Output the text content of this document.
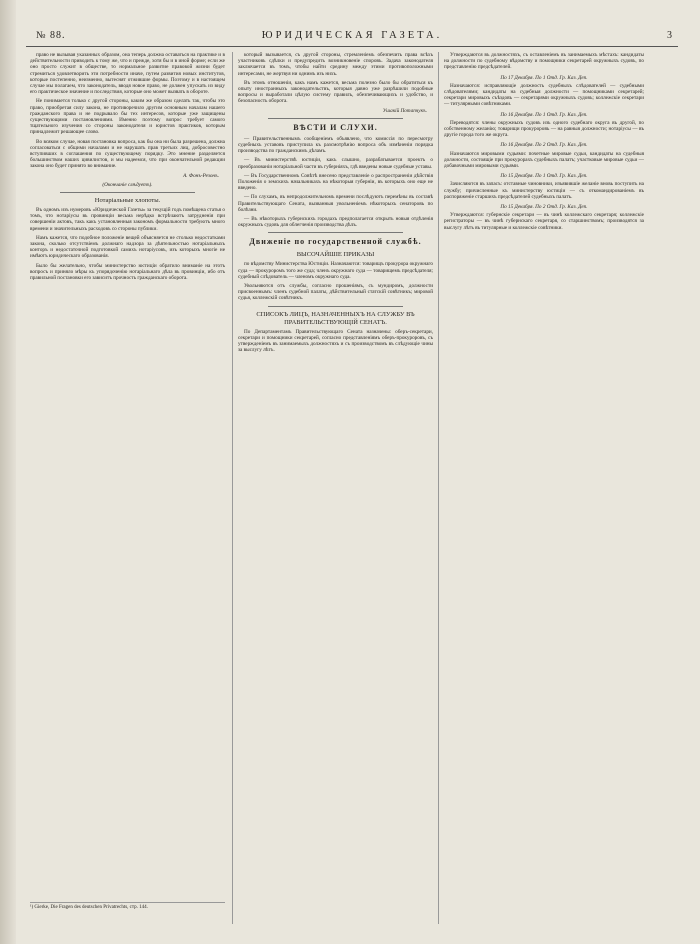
№ 88.	ЮРИДИЧЕСКАЯ ГАЗЕТА.	3

право не вызывая указанных образом, она теперь должна оставаться на практике и в действительности приводить к тому же, что и прежде, хотя бы и в иной форме; если же оно просто служит в обществе, то нормальное развитие правовой жизни будет стремиться удовлетворить эти потребности иначе, путем развития новых институтов, которые постепенно, неизменно, вытеснят отжившие формы. Поэтому и в настоящем случае мы полагаем, что законодатель, вводя новое право, не должен упускать из виду его практическое значение и последствия, которые оно может вызвать в обороте.

Не понимается только с другой стороны, каким же образом сделать так, чтобы это право, приобретая силу закона, не противоречило другим основным началам нашего гражданского права и не подрывало бы тех интересов, которые уже защищены существующими постановлениями. Именно поэтому вопрос требует самого тщательного изучения со стороны законодателя и юристов практиков, которым принадлежит решающее слово.

Во всяком случае, новая постановка вопроса, как бы она ни была разрешена, должна согласоваться с общими началами и не нарушать прав третьих лиц, добросовестно вступивших в соглашения по существующему порядку. Это мнение разделяется большинством наших цивилистов, и мы надеемся, что при окончательной редакции закона оно будет принято во внимание.

А. Фонъ-Резонъ.
(Окончаніе слѣдуетъ).
Нотаріальные хлопоты.

Въ одномъ изъ нумеровъ «Юридической Газеты» за текущій годъ помѣщена статья о томъ, что нотаріусы въ провинціи весьма нерѣдко встрѣчаютъ затрудненія при совершеніи актовъ, такъ какъ установленныя закономъ формальности требуютъ много времени и значительныхъ расходовъ со стороны публики.

Намъ кажется, что подобное положеніе вещей объясняется не столько недостатками закона, сколько отсутствіемъ должнаго надзора за дѣятельностью нотаріальныхъ конторъ и недостаточной подготовкой самихъ нотаріусовъ, изъ которыхъ многіе не имѣютъ юридическаго образованія.

Было бы желательно, чтобы министерство юстиціи обратило вниманіе на этотъ вопросъ и приняло мѣры къ упорядоченію нотаріальнаго дѣла въ провинціи, ибо отъ правильной постановки его зависитъ прочность гражданскаго оборота.

¹) Gierke, Die Fragen des deutschen Privatrechts, стр. 144.

который вызывается, съ другой стороны, стремленіемъ обезпечить права всѣхъ участниковъ сдѣлки и предупредить возникновеніе споровъ. Задача законодателя заключается въ томъ, чтобы найти средину между этими противоположными интересами, не жертвуя ни однимъ изъ нихъ.

Въ этомъ отношеніи, какъ намъ кажется, весьма полезно было бы обратиться къ опыту иностранныхъ законодательствъ, которыя давно уже разрѣшили подобные вопросы и выработали цѣлую систему правилъ, обезпечивающихъ и удобство, и безопасность оборота.

Ушакій Потапчукъ.
ВѢСТИ И СЛУХИ.

— Правительственнымъ сообщеніемъ объявлено, что комиссія по пересмотру судебныхъ уставовъ приступила къ разсмотрѣнію вопроса объ измѣненіи порядка производства по гражданскимъ дѣламъ.

— Въ министерствѣ юстиціи, какъ слышно, разрабатывается проектъ о преобразованіи нотаріальной части въ губерніяхъ, гдѣ введены новые судебные уставы.

— Въ Государственномъ Совѣтѣ внесено представленіе о распространеніи дѣйствія Положенія о земскихъ начальникахъ на нѣкоторыя губерніи, въ которыхъ оно еще не введено.

— По слухамъ, въ непродолжительномъ времени послѣдуютъ перемѣны въ составѣ Правительствующаго Сената, вызванныя увольненіемъ нѣкоторыхъ сенаторовъ по болѣзни.

— Въ нѣкоторыхъ губернскихъ городахъ предполагается открыть новыя отдѣленія окружныхъ судовъ для облегченія производства дѣлъ.

Движеніе по государственной службѣ.
ВЫСОЧАЙШІЕ ПРИКАЗЫ

по вѣдомству Министерства Юстиціи. Назначаются: товарищъ прокурора окружнаго суда — прокуроромъ того же суда; членъ окружнаго суда — товарищемъ предсѣдателя; судебный слѣдователь — членомъ окружнаго суда.

Увольняются отъ службы, согласно прошеніямъ, съ мундиромъ, должности присвоеннымъ: членъ судебной палаты, дѣйствительный статскій совѣтникъ; мировой судья, коллежскій совѣтникъ.

СПИСОКЪ ЛИЦЪ, НАЗНАЧЕННЫХЪ НА СЛУЖБУ ВЪ ПРАВИТЕЛЬСТВУЮЩІЙ СЕНАТЪ.

По Департаментамъ Правительствующаго Сената назначены: оберъ-секретари, секретари и помощники секретарей, согласно представленіямъ оберъ-прокуроровъ, съ утвержденіемъ въ занимаемыхъ должностяхъ и съ производствомъ въ слѣдующіе чины за выслугу лѣтъ.

Утверждаются въ должностяхъ, съ оставленіемъ въ занимаемыхъ мѣстахъ: кандидаты на должности по судебному вѣдомству и помощники секретарей окружныхъ судовъ, по представленію предсѣдателей.

По 17 Декабря. По 1 Отд. Гр. Каз. Деп.

Назначаются: исправляющіе должность судебныхъ слѣдователей — судебными слѣдователями; кандидаты на судебныя должности — помощниками секретарей; секретари мировыхъ съѣздовъ — секретарями окружныхъ судовъ; коллежскіе секретари — титулярными совѣтниками.

По 16 Декабря. По 1 Отд. Гр. Каз. Деп.

Переводятся: члены окружныхъ судовъ изъ одного судебнаго округа въ другой, по собственному желанію; товарищи прокуроровъ — на равныя должности; нотаріусы — въ другіе города того же округа.

По 16 Декабря. По 2 Отд. Гр. Каз. Деп.

Назначаются мировыми судьями: почетные мировые судьи, кандидаты на судебныя должности, состоящіе при прокурорахъ судебныхъ палатъ; участковые мировые судьи — добавочными мировыми судьями.

По 15 Декабря. По 1 Отд. Гр. Каз. Деп.

Зачисляются въ запасъ: отставные чиновники, изъявившіе желаніе вновь поступить на службу; причисленные къ министерству юстиціи — съ откомандированіемъ въ распоряженіе старшихъ предсѣдателей судебныхъ палатъ.

По 15 Декабря. По 2 Отд. Гр. Каз. Деп.

Утверждаются: губернскіе секретари — въ чинѣ коллежскаго секретаря; коллежскіе регистраторы — въ чинѣ губернскаго секретаря, со старшинствомъ; производятся за выслугу лѣтъ въ титулярные и коллежскіе совѣтники.
